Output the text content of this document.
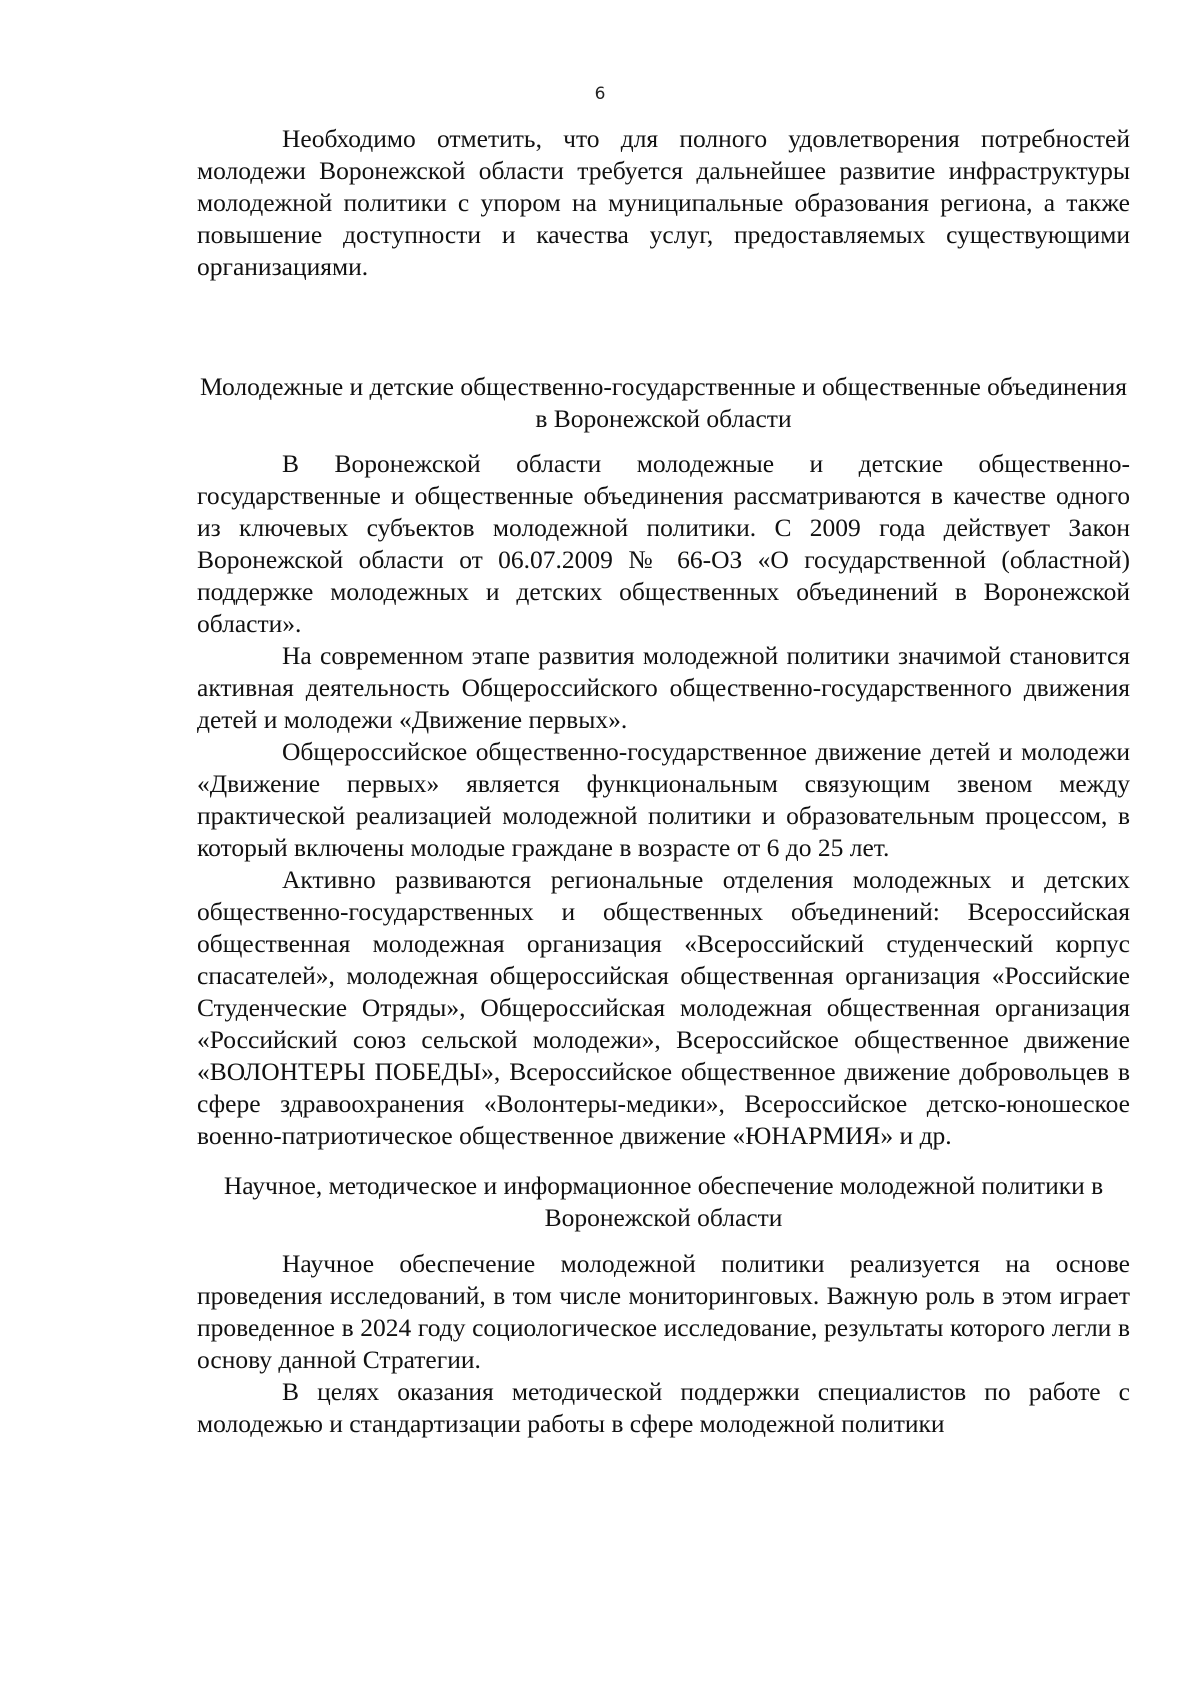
6

Необходимо отметить, что для полного удовлетворения потребностей молодежи Воронежской области требуется дальнейшее развитие инфраструктуры молодежной политики с упором на муниципальные образования региона, а также повышение доступности и качества услуг, предоставляемых существующими организациями.

Молодежные и детские общественно-государственные и общественные объединения в Воронежской области

В Воронежской области молодежные и детские общественно-государственные и общественные объединения рассматриваются в качестве одного из ключевых субъектов молодежной политики. С 2009 года действует Закон Воронежской области от 06.07.2009 № 66-ОЗ «О государственной (областной) поддержке молодежных и детских общественных объединений в Воронежской области».

На современном этапе развития молодежной политики значимой становится активная деятельность Общероссийского общественно-государственного движения детей и молодежи «Движение первых».

Общероссийское общественно-государственное движение детей и молодежи «Движение первых» является функциональным связующим звеном между практической реализацией молодежной политики и образовательным процессом, в который включены молодые граждане в возрасте от 6 до 25 лет.

Активно развиваются региональные отделения молодежных и детских общественно-государственных и общественных объединений: Всероссийская общественная молодежная организация «Всероссийский студенческий корпус спасателей», молодежная общероссийская общественная организация «Российские Студенческие Отряды», Общероссийская молодежная общественная организация «Российский союз сельской молодежи», Всероссийское общественное движение «ВОЛОНТЕРЫ ПОБЕДЫ», Всероссийское общественное движение добровольцев в сфере здравоохранения «Волонтеры-медики», Всероссийское детско-юношеское военно-патриотическое общественное движение «ЮНАРМИЯ» и др.

Научное, методическое и информационное обеспечение молодежной политики в Воронежской области

Научное обеспечение молодежной политики реализуется на основе проведения исследований, в том числе мониторинговых. Важную роль в этом играет проведенное в 2024 году социологическое исследование, результаты которого легли в основу данной Стратегии.

В целях оказания методической поддержки специалистов по работе с молодежью и стандартизации работы в сфере молодежной политики
